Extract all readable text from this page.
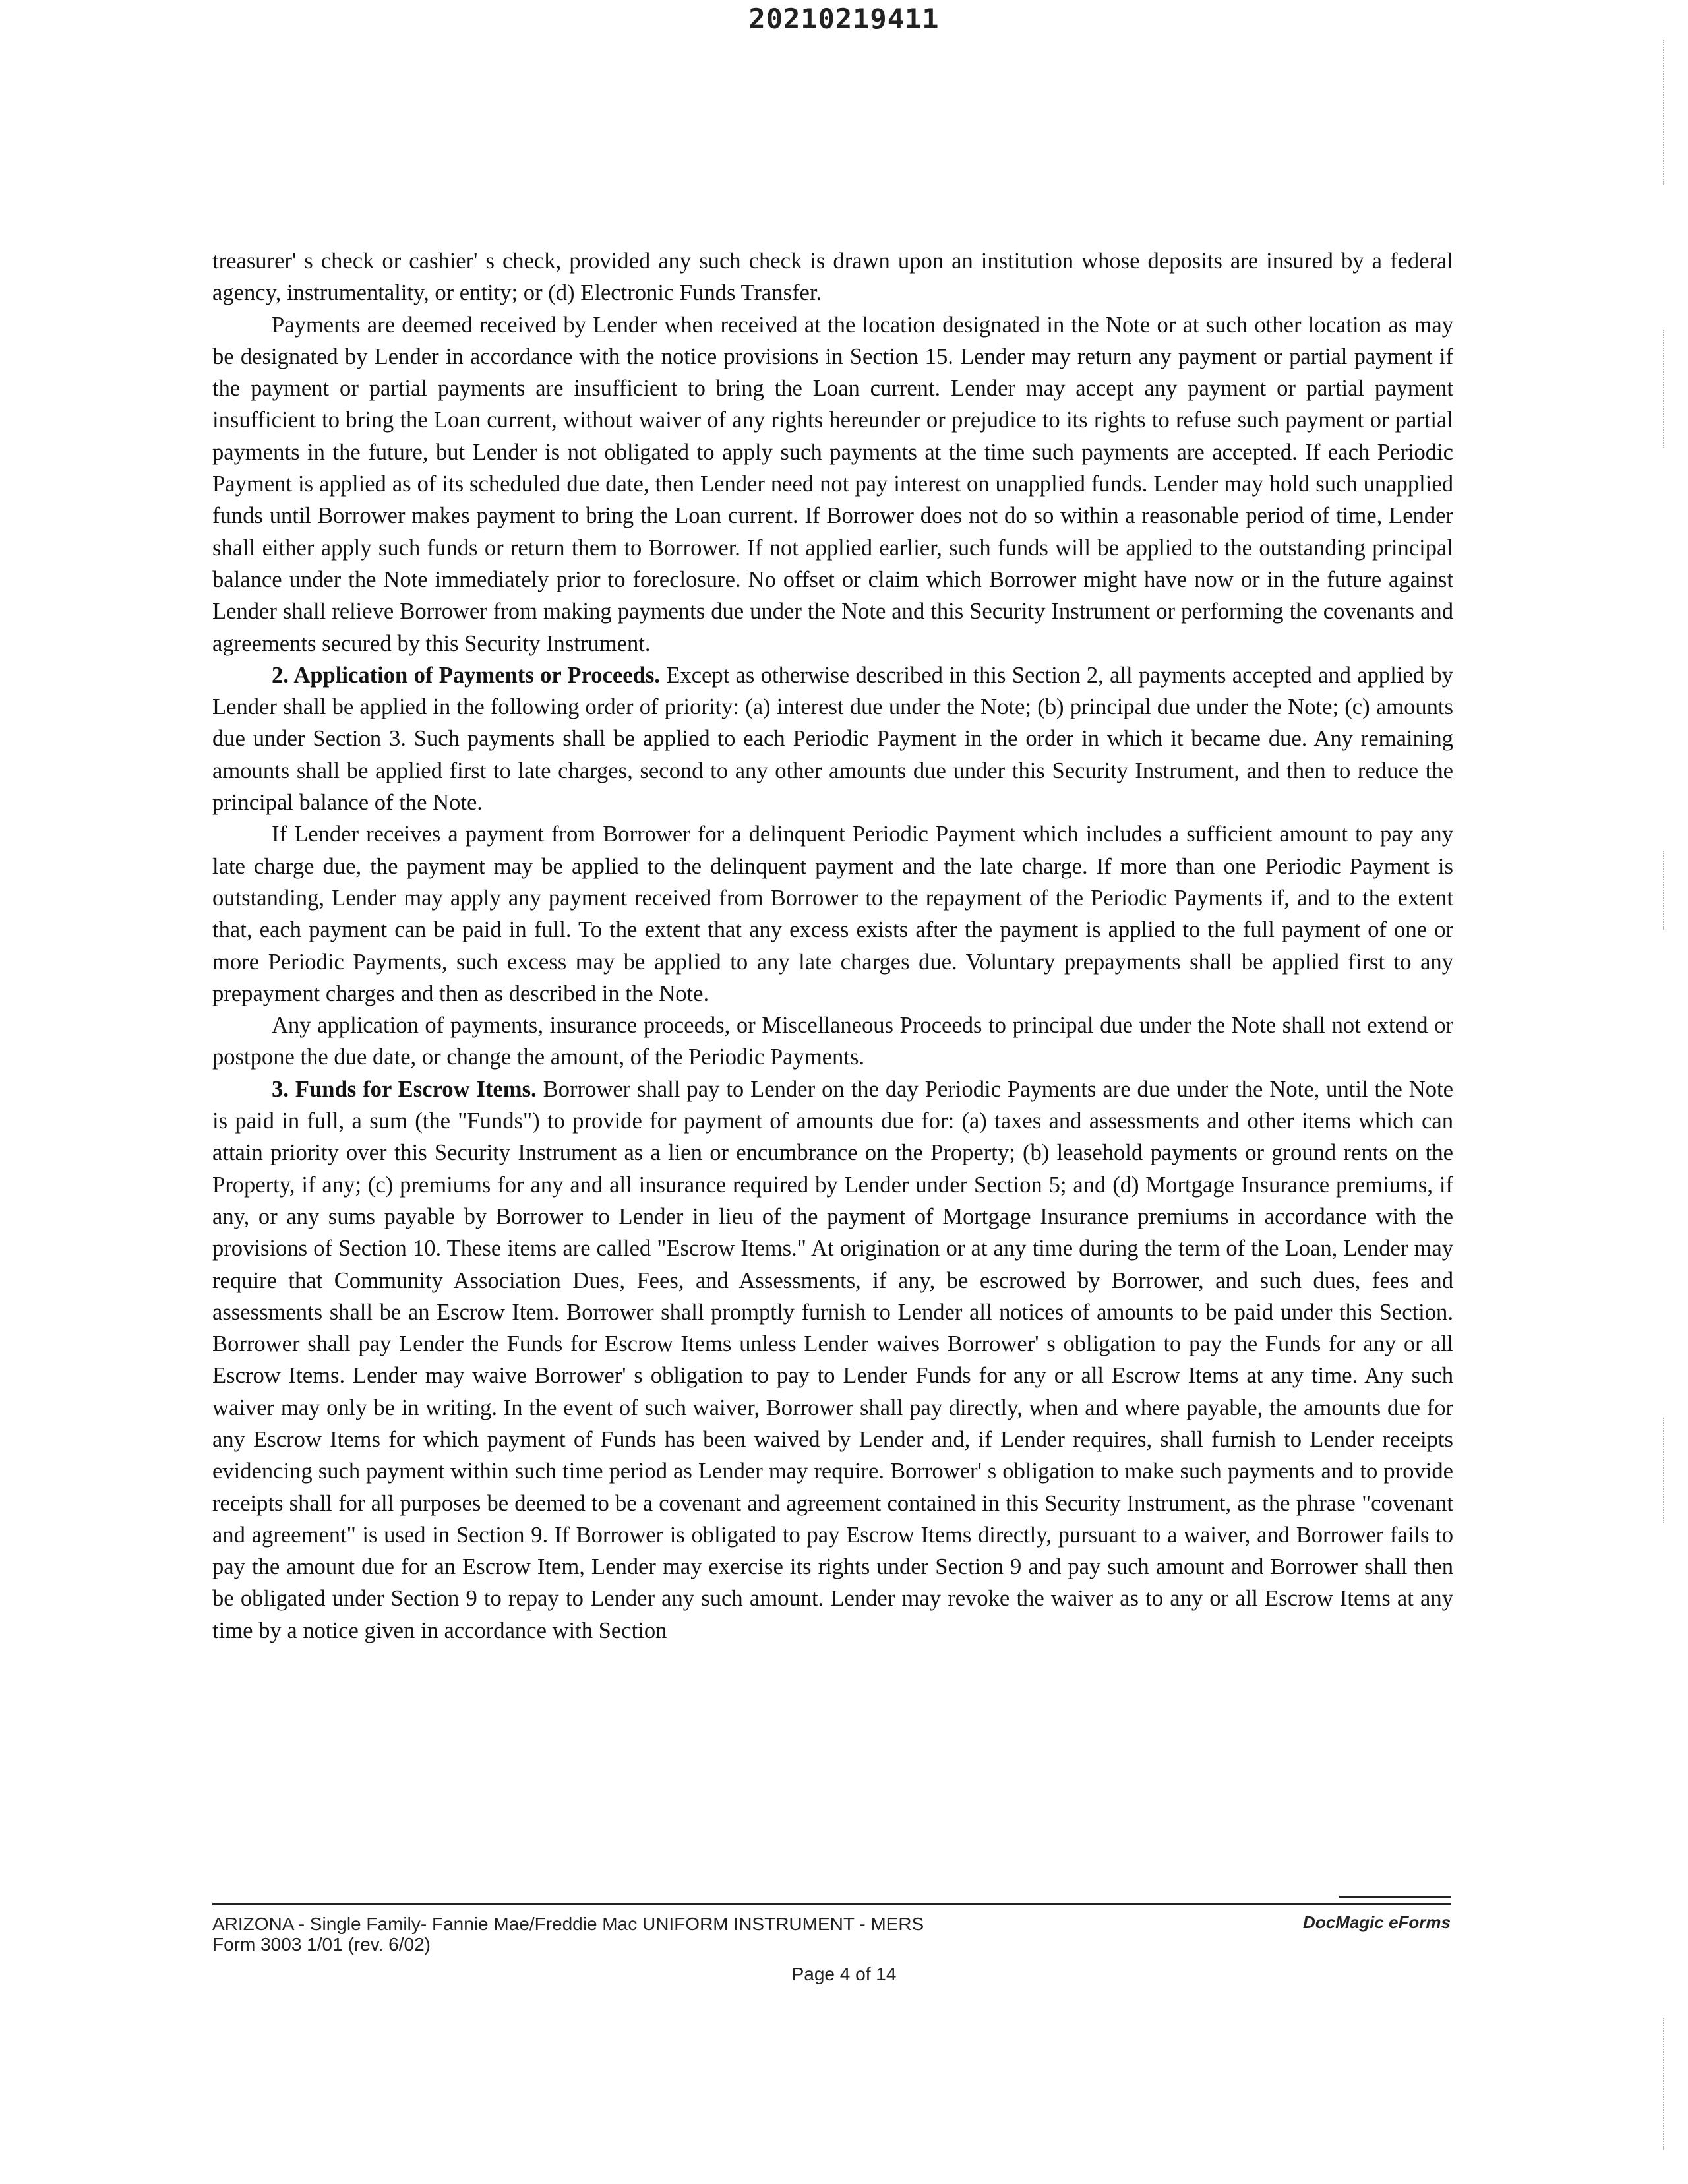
20210219411

treasurer' s check or cashier' s check, provided any such check is drawn upon an institution whose deposits are insured by a federal agency, instrumentality, or entity; or (d) Electronic Funds Transfer.

Payments are deemed received by Lender when received at the location designated in the Note or at such other location as may be designated by Lender in accordance with the notice provisions in Section 15. Lender may return any payment or partial payment if the payment or partial payments are insufficient to bring the Loan current. Lender may accept any payment or partial payment insufficient to bring the Loan current, without waiver of any rights hereunder or prejudice to its rights to refuse such payment or partial payments in the future, but Lender is not obligated to apply such payments at the time such payments are accepted. If each Periodic Payment is applied as of its scheduled due date, then Lender need not pay interest on unapplied funds. Lender may hold such unapplied funds until Borrower makes payment to bring the Loan current. If Borrower does not do so within a reasonable period of time, Lender shall either apply such funds or return them to Borrower. If not applied earlier, such funds will be applied to the outstanding principal balance under the Note immediately prior to foreclosure. No offset or claim which Borrower might have now or in the future against Lender shall relieve Borrower from making payments due under the Note and this Security Instrument or performing the covenants and agreements secured by this Security Instrument.

2. Application of Payments or Proceeds. Except as otherwise described in this Section 2, all payments accepted and applied by Lender shall be applied in the following order of priority: (a) interest due under the Note; (b) principal due under the Note; (c) amounts due under Section 3. Such payments shall be applied to each Periodic Payment in the order in which it became due. Any remaining amounts shall be applied first to late charges, second to any other amounts due under this Security Instrument, and then to reduce the principal balance of the Note.

If Lender receives a payment from Borrower for a delinquent Periodic Payment which includes a sufficient amount to pay any late charge due, the payment may be applied to the delinquent payment and the late charge. If more than one Periodic Payment is outstanding, Lender may apply any payment received from Borrower to the repayment of the Periodic Payments if, and to the extent that, each payment can be paid in full. To the extent that any excess exists after the payment is applied to the full payment of one or more Periodic Payments, such excess may be applied to any late charges due. Voluntary prepayments shall be applied first to any prepayment charges and then as described in the Note.

Any application of payments, insurance proceeds, or Miscellaneous Proceeds to principal due under the Note shall not extend or postpone the due date, or change the amount, of the Periodic Payments.

3. Funds for Escrow Items. Borrower shall pay to Lender on the day Periodic Payments are due under the Note, until the Note is paid in full, a sum (the "Funds") to provide for payment of amounts due for: (a) taxes and assessments and other items which can attain priority over this Security Instrument as a lien or encumbrance on the Property; (b) leasehold payments or ground rents on the Property, if any; (c) premiums for any and all insurance required by Lender under Section 5; and (d) Mortgage Insurance premiums, if any, or any sums payable by Borrower to Lender in lieu of the payment of Mortgage Insurance premiums in accordance with the provisions of Section 10. These items are called "Escrow Items." At origination or at any time during the term of the Loan, Lender may require that Community Association Dues, Fees, and Assessments, if any, be escrowed by Borrower, and such dues, fees and assessments shall be an Escrow Item. Borrower shall promptly furnish to Lender all notices of amounts to be paid under this Section. Borrower shall pay Lender the Funds for Escrow Items unless Lender waives Borrower' s obligation to pay the Funds for any or all Escrow Items. Lender may waive Borrower' s obligation to pay to Lender Funds for any or all Escrow Items at any time. Any such waiver may only be in writing. In the event of such waiver, Borrower shall pay directly, when and where payable, the amounts due for any Escrow Items for which payment of Funds has been waived by Lender and, if Lender requires, shall furnish to Lender receipts evidencing such payment within such time period as Lender may require. Borrower' s obligation to make such payments and to provide receipts shall for all purposes be deemed to be a covenant and agreement contained in this Security Instrument, as the phrase "covenant and agreement" is used in Section 9. If Borrower is obligated to pay Escrow Items directly, pursuant to a waiver, and Borrower fails to pay the amount due for an Escrow Item, Lender may exercise its rights under Section 9 and pay such amount and Borrower shall then be obligated under Section 9 to repay to Lender any such amount. Lender may revoke the waiver as to any or all Escrow Items at any time by a notice given in accordance with Section

ARIZONA - Single Family- Fannie Mae/Freddie Mac UNIFORM INSTRUMENT - MERS
Form 3003 1/01 (rev. 6/02)
DocMagic eForms
Page 4 of 14
